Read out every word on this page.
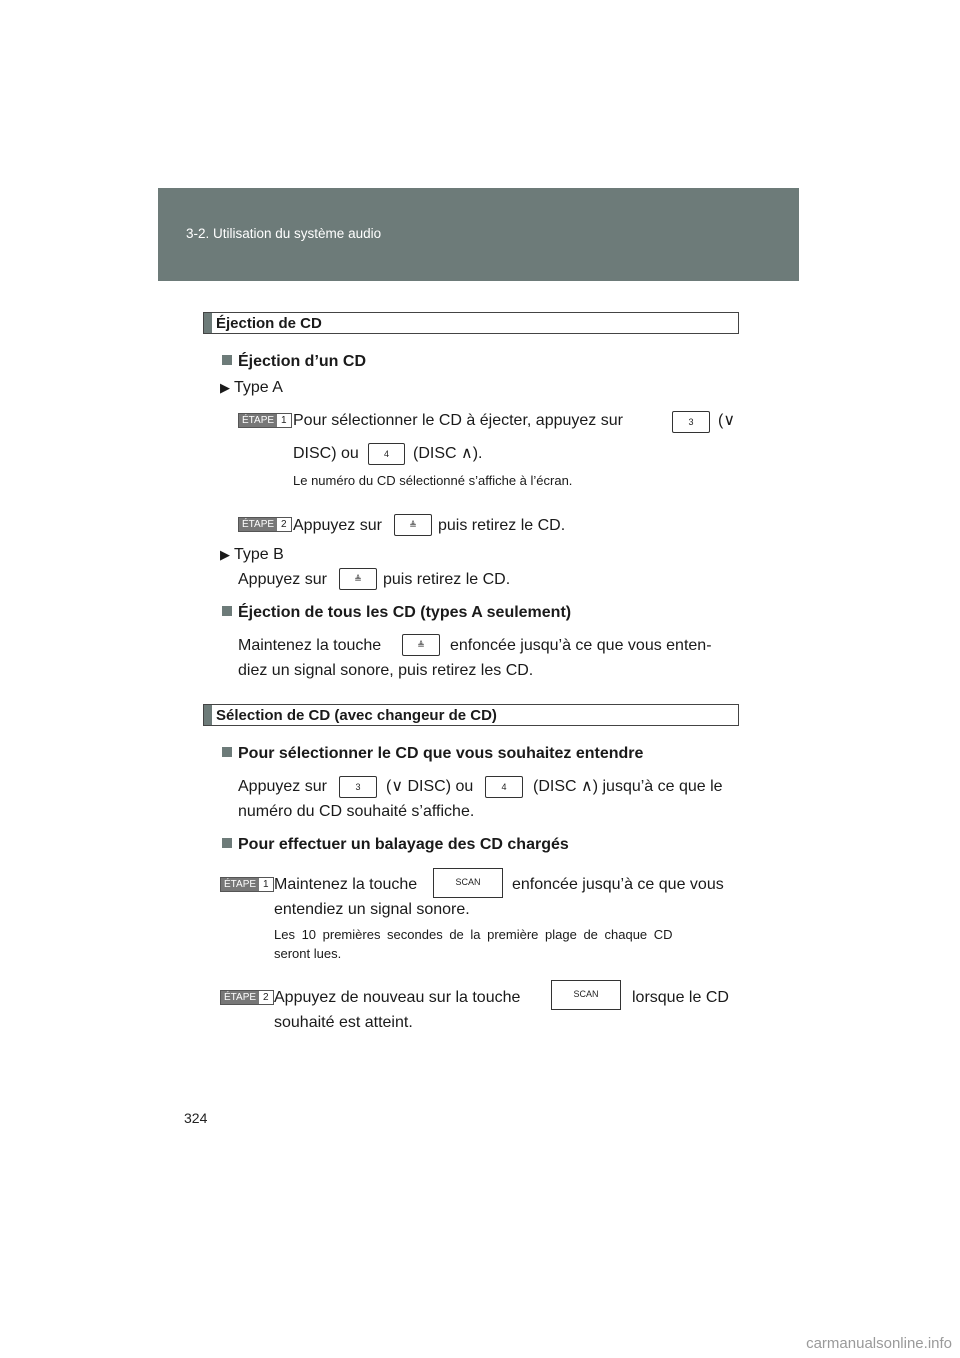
3-2. Utilisation du système audio
Éjection de CD
Éjection d’un CD
▶ Type A
ÉTAPE 1 Pour sélectionner le CD à éjecter, appuyez sur	3	(∨
DISC) ou	4	(DISC ∧).
Le numéro du CD sélectionné s’affiche à l’écran.
ÉTAPE 2 Appuyez sur	≜	puis retirez le CD.
▶ Type B
Appuyez sur	≜	puis retirez le CD.
Éjection de tous les CD (types A seulement)
Maintenez la touche	≜	enfoncée jusqu’à ce que vous enten-
diez un signal sonore, puis retirez les CD.
Sélection de CD (avec changeur de CD)
Pour sélectionner le CD que vous souhaitez entendre
Appuyez sur	3	(∨ DISC) ou	4	(DISC ∧) jusqu’à ce que le
numéro du CD souhaité s’affiche.
Pour effectuer un balayage des CD chargés
ÉTAPE 1 Maintenez la touche	SCAN	enfoncée jusqu’à ce que vous
entendiez un signal sonore.
Les 10 premières secondes de la première plage de chaque CD
seront lues.
ÉTAPE 2 Appuyez de nouveau sur la touche	SCAN	lorsque le CD
souhaité est atteint.
324
carmanualsonline.info
